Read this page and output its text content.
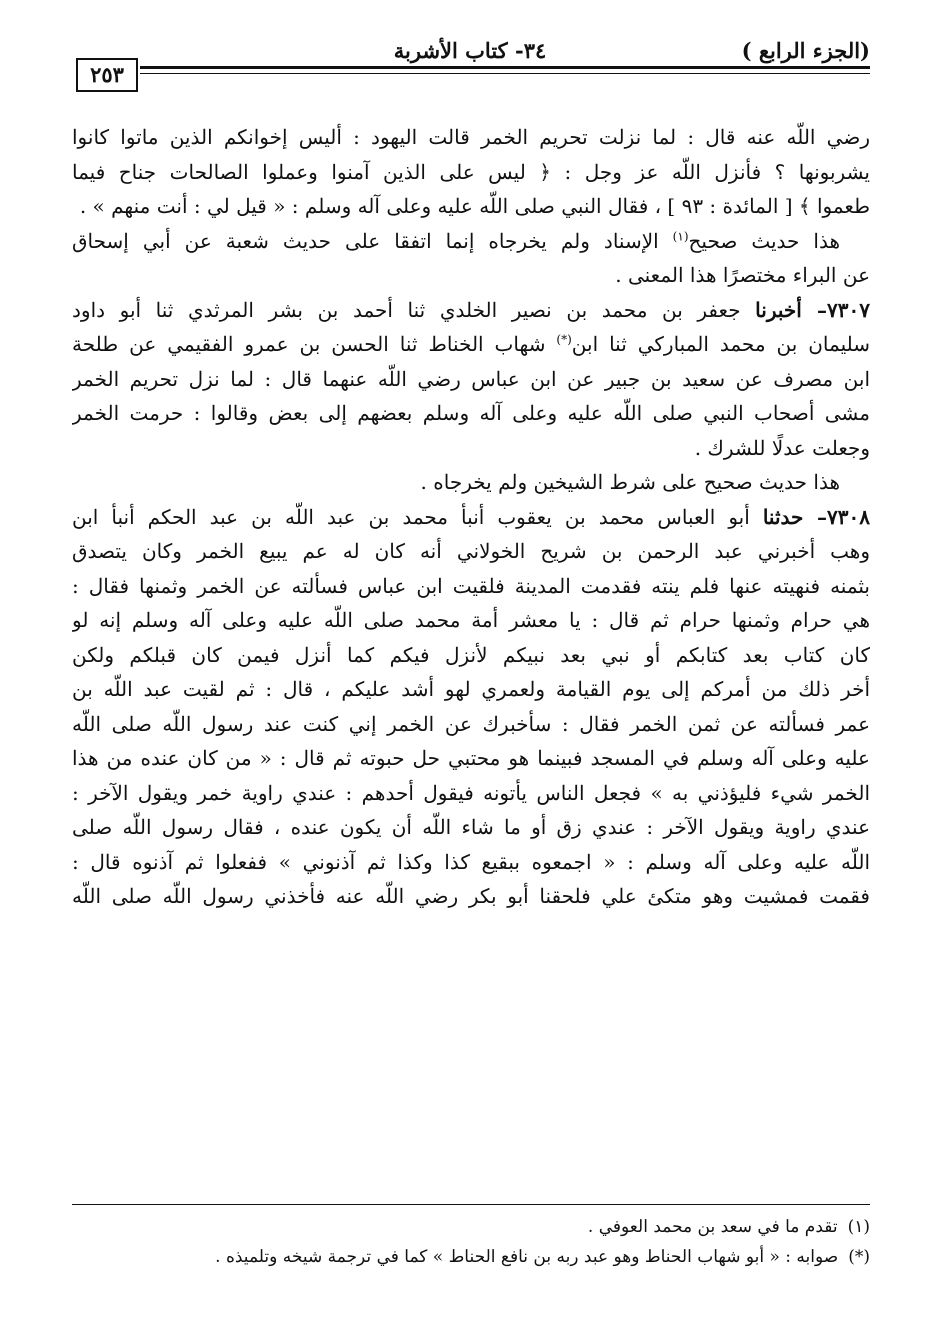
(الجزء الرابع )
٣٤- كتاب الأشربة
٢٥٣
رضي اللّه عنه قال : لما نزلت تحريم الخمر قالت اليهود : أليس إخوانكم الذين ماتوا كانوا
يشربونها ؟ فأنزل اللّه عز وجل : ﴿ ليس على الذين آمنوا وعملوا الصالحات جناح فيما
طعموا ﴾ [ المائدة : ٩٣ ] ، فقال النبي صلى اللّه عليه وعلى آله وسلم : « قيل لي : أنت منهم » .
هذا حديث صحيح$^{(١)}$ الإسناد ولم يخرجاه إنما اتفقا على حديث شعبة عن أبي إسحاق
عن البراء مختصرًا هذا المعنى .
٧٣٠٧– أخبرنا جعفر بن محمد بن نصير الخلدي ثنا أحمد بن بشر المرثدي ثنا أبو داود
سليمان بن محمد المباركي ثنا ابن(*) شهاب الخناط ثنا الحسن بن عمرو الفقيمي عن طلحة
ابن مصرف عن سعيد بن جبير عن ابن عباس رضي اللّه عنهما قال : لما نزل تحريم الخمر
مشى أصحاب النبي صلى اللّه عليه وعلى آله وسلم بعضهم إلى بعض وقالوا : حرمت الخمر
وجعلت عدلًا للشرك .
هذا حديث صحيح على شرط الشيخين ولم يخرجاه .
٧٣٠٨– حدثنا أبو العباس محمد بن يعقوب أنبأ محمد بن عبد اللّه بن عبد الحكم أنبأ ابن
وهب أخبرني عبد الرحمن بن شريح الخولاني أنه كان له عم يبيع الخمر وكان يتصدق
بثمنه فنهيته عنها فلم ينته فقدمت المدينة فلقيت ابن عباس فسألته عن الخمر وثمنها فقال :
هي حرام وثمنها حرام ثم قال : يا معشر أمة محمد صلى اللّه عليه وعلى آله وسلم إنه لو
كان كتاب بعد كتابكم أو نبي بعد نبيكم لأنزل فيكم كما أنزل فيمن كان قبلكم ولكن
أخر ذلك من أمركم إلى يوم القيامة ولعمري لهو أشد عليكم ، قال : ثم لقيت عبد اللّه بن
عمر فسألته عن ثمن الخمر فقال : سأخبرك عن الخمر إني كنت عند رسول اللّه صلى اللّه
عليه وعلى آله وسلم في المسجد فبينما هو محتبي حل حبوته ثم قال : « من كان عنده من هذا
الخمر شيء فليؤذني به » فجعل الناس يأتونه فيقول أحدهم : عندي راوية خمر ويقول الآخر :
عندي راوية ويقول الآخر : عندي زق أو ما شاء اللّه أن يكون عنده ، فقال رسول اللّه صلى
اللّه عليه وعلى آله وسلم : « اجمعوه ببقيع كذا وكذا ثم آذنوني » ففعلوا ثم آذنوه قال :
فقمت فمشيت وهو متكئ علي فلحقنا أبو بكر رضي اللّه عنه فأخذني رسول اللّه صلى اللّه
(١)تقدم ما في سعد بن محمد العوفي .
(*)صوابه : « أبو شهاب الحناط وهو عبد ربه بن نافع الحناط » كما في ترجمة شيخه وتلميذه .
